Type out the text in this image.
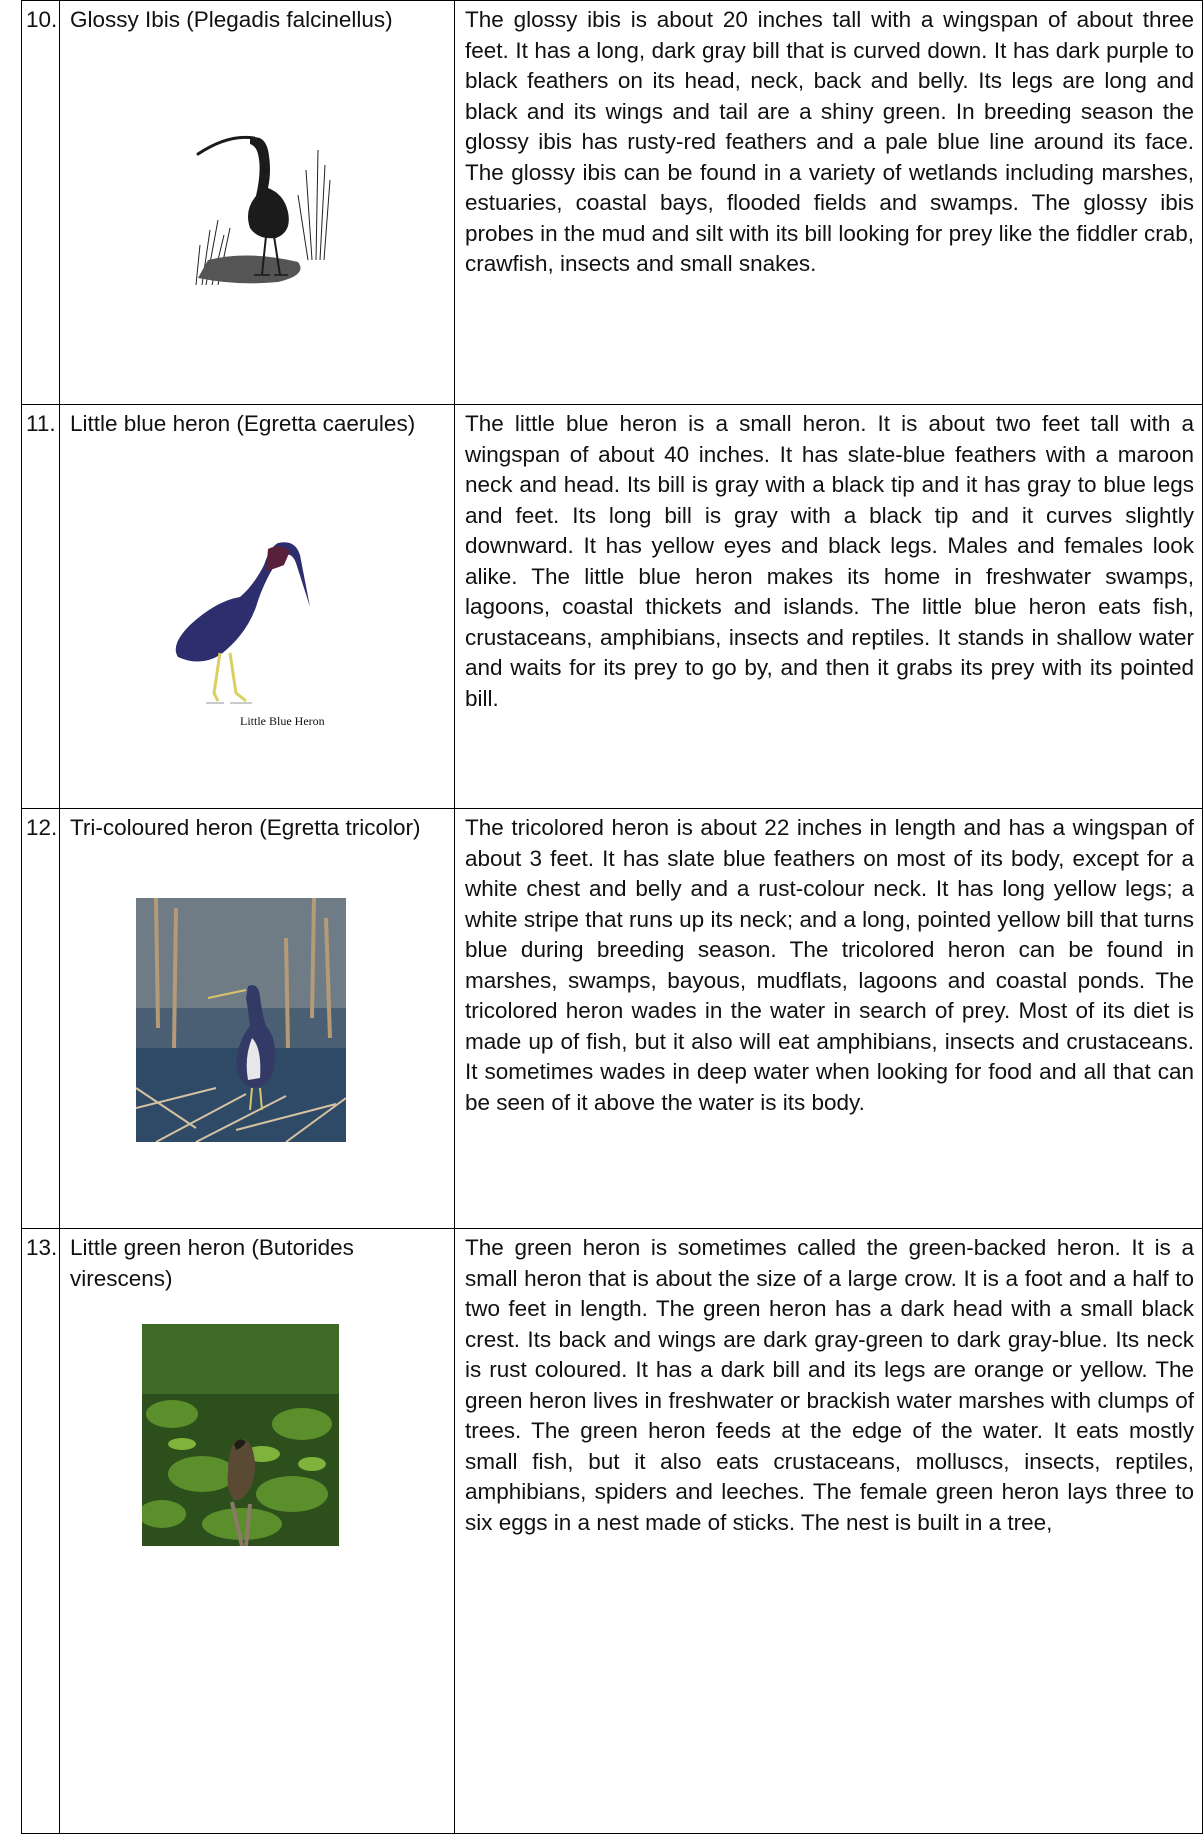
10.	Glossy Ibis (Plegadis falcinellus)	The glossy ibis is about 20 inches tall with a wingspan of about three feet. It has a long, dark gray bill that is curved down. It has dark purple to black feathers on its head, neck, back and belly. Its legs are long and black and its wings and tail are a shiny green. In breeding season the glossy ibis has rusty-red feathers and a pale blue line around its face. The glossy ibis can be found in a variety of wetlands including marshes, estuaries, coastal bays, flooded fields and swamps. The glossy ibis probes in the mud and silt with its bill looking for prey like the fiddler crab, crawfish, insects and small snakes.
11.	Little blue heron (Egretta caerules)	The little blue heron is a small heron. It is about two feet tall with a wingspan of about 40 inches. It has slate-blue feathers with a maroon neck and head. Its bill is gray with a black tip and it has gray to blue legs and feet. Its long bill is gray with a black tip and it curves slightly downward. It has yellow eyes and black legs. Males and females look alike. The little blue heron makes its home in freshwater swamps, lagoons, coastal thickets and islands. The little blue heron eats fish, crustaceans, amphibians, insects and reptiles. It stands in shallow water and waits for its prey to go by, and then it grabs its prey with its pointed bill.
12.	Tri-coloured heron (Egretta tricolor)	The tricolored heron is about 22 inches in length and has a wingspan of about 3 feet. It has slate blue feathers on most of its body, except for a white chest and belly and a rust-colour neck. It has long yellow legs; a white stripe that runs up its neck; and a long, pointed yellow bill that turns blue during breeding season. The tricolored heron can be found in marshes, swamps, bayous, mudflats, lagoons and coastal ponds. The tricolored heron wades in the water in search of prey. Most of its diet is made up of fish, but it also will eat amphibians, insects and crustaceans. It sometimes wades in deep water when looking for food and all that can be seen of it above the water is its body.
13.	Little green heron (Butorides virescens)	The green heron is sometimes called the green-backed heron. It is a small heron that is about the size of a large crow. It is a foot and a half to two feet in length. The green heron has a dark head with a small black crest. Its back and wings are dark gray-green to dark gray-blue. Its neck is rust coloured. It has a dark bill and its legs are orange or yellow. The green heron lives in freshwater or brackish water marshes with clumps of trees. The green heron feeds at the edge of the water. It eats mostly small fish, but it also eats crustaceans, molluscs, insects, reptiles, amphibians, spiders and leeches. The female green heron lays three to six eggs in a nest made of sticks. The nest is built in a tree,
Little Blue Heron
